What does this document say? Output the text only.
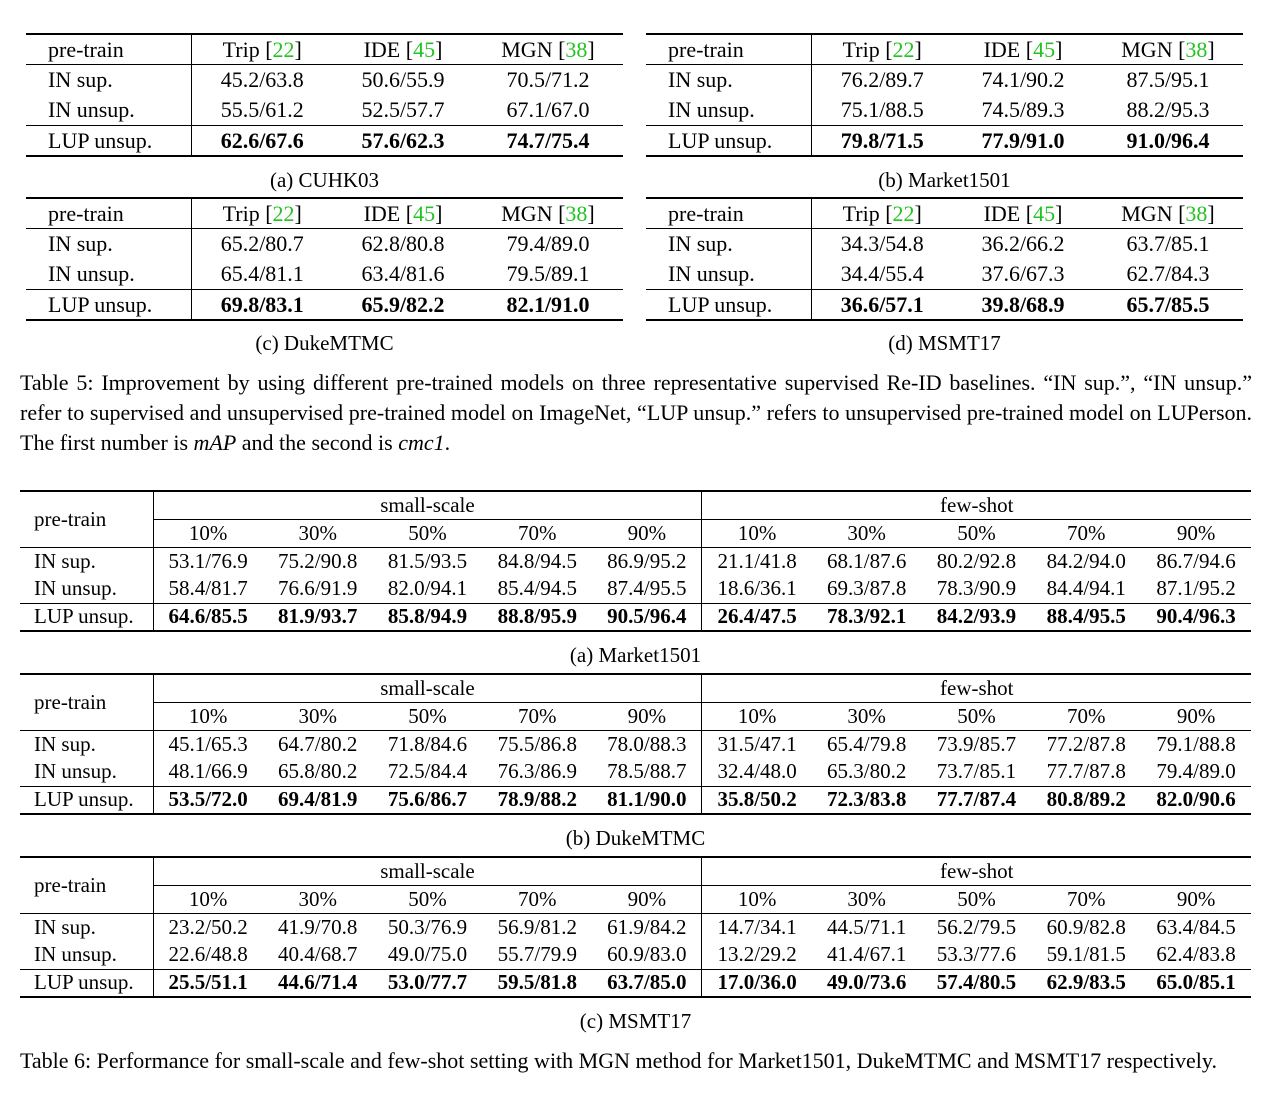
pre-train	Trip [22]	IDE [45]	MGN [38]
IN sup.	45.2/63.8	50.6/55.9	70.5/71.2
IN unsup.	55.5/61.2	52.5/57.7	67.1/67.0
LUP unsup.	62.6/67.6	57.6/62.3	74.7/75.4
(a) CUHK03
pre-train	Trip [22]	IDE [45]	MGN [38]
IN sup.	76.2/89.7	74.1/90.2	87.5/95.1
IN unsup.	75.1/88.5	74.5/89.3	88.2/95.3
LUP unsup.	79.8/71.5	77.9/91.0	91.0/96.4
(b) Market1501
pre-train	Trip [22]	IDE [45]	MGN [38]
IN sup.	65.2/80.7	62.8/80.8	79.4/89.0
IN unsup.	65.4/81.1	63.4/81.6	79.5/89.1
LUP unsup.	69.8/83.1	65.9/82.2	82.1/91.0
(c) DukeMTMC
pre-train	Trip [22]	IDE [45]	MGN [38]
IN sup.	34.3/54.8	36.2/66.2	63.7/85.1
IN unsup.	34.4/55.4	37.6/67.3	62.7/84.3
LUP unsup.	36.6/57.1	39.8/68.9	65.7/85.5
(d) MSMT17
Table 5: Improvement by using different pre-trained models on three representative supervised Re-ID baselines. “IN sup.”, “IN unsup.” refer to supervised and unsupervised pre-trained model on ImageNet, “LUP unsup.” refers to unsupervised pre-trained model on LUPerson. The first number is mAP and the second is cmc1.
pre-train	small-scale					few-shot				
	10%	30%	50%	70%	90%	10%	30%	50%	70%	90%
IN sup.	53.1/76.9	75.2/90.8	81.5/93.5	84.8/94.5	86.9/95.2	21.1/41.8	68.1/87.6	80.2/92.8	84.2/94.0	86.7/94.6
IN unsup.	58.4/81.7	76.6/91.9	82.0/94.1	85.4/94.5	87.4/95.5	18.6/36.1	69.3/87.8	78.3/90.9	84.4/94.1	87.1/95.2
LUP unsup.	64.6/85.5	81.9/93.7	85.8/94.9	88.8/95.9	90.5/96.4	26.4/47.5	78.3/92.1	84.2/93.9	88.4/95.5	90.4/96.3
(a) Market1501
pre-train	small-scale					few-shot				
	10%	30%	50%	70%	90%	10%	30%	50%	70%	90%
IN sup.	45.1/65.3	64.7/80.2	71.8/84.6	75.5/86.8	78.0/88.3	31.5/47.1	65.4/79.8	73.9/85.7	77.2/87.8	79.1/88.8
IN unsup.	48.1/66.9	65.8/80.2	72.5/84.4	76.3/86.9	78.5/88.7	32.4/48.0	65.3/80.2	73.7/85.1	77.7/87.8	79.4/89.0
LUP unsup.	53.5/72.0	69.4/81.9	75.6/86.7	78.9/88.2	81.1/90.0	35.8/50.2	72.3/83.8	77.7/87.4	80.8/89.2	82.0/90.6
(b) DukeMTMC
pre-train	small-scale					few-shot				
	10%	30%	50%	70%	90%	10%	30%	50%	70%	90%
IN sup.	23.2/50.2	41.9/70.8	50.3/76.9	56.9/81.2	61.9/84.2	14.7/34.1	44.5/71.1	56.2/79.5	60.9/82.8	63.4/84.5
IN unsup.	22.6/48.8	40.4/68.7	49.0/75.0	55.7/79.9	60.9/83.0	13.2/29.2	41.4/67.1	53.3/77.6	59.1/81.5	62.4/83.8
LUP unsup.	25.5/51.1	44.6/71.4	53.0/77.7	59.5/81.8	63.7/85.0	17.0/36.0	49.0/73.6	57.4/80.5	62.9/83.5	65.0/85.1
(c) MSMT17
Table 6: Performance for small-scale and few-shot setting with MGN method for Market1501, DukeMTMC and MSMT17 respectively.
